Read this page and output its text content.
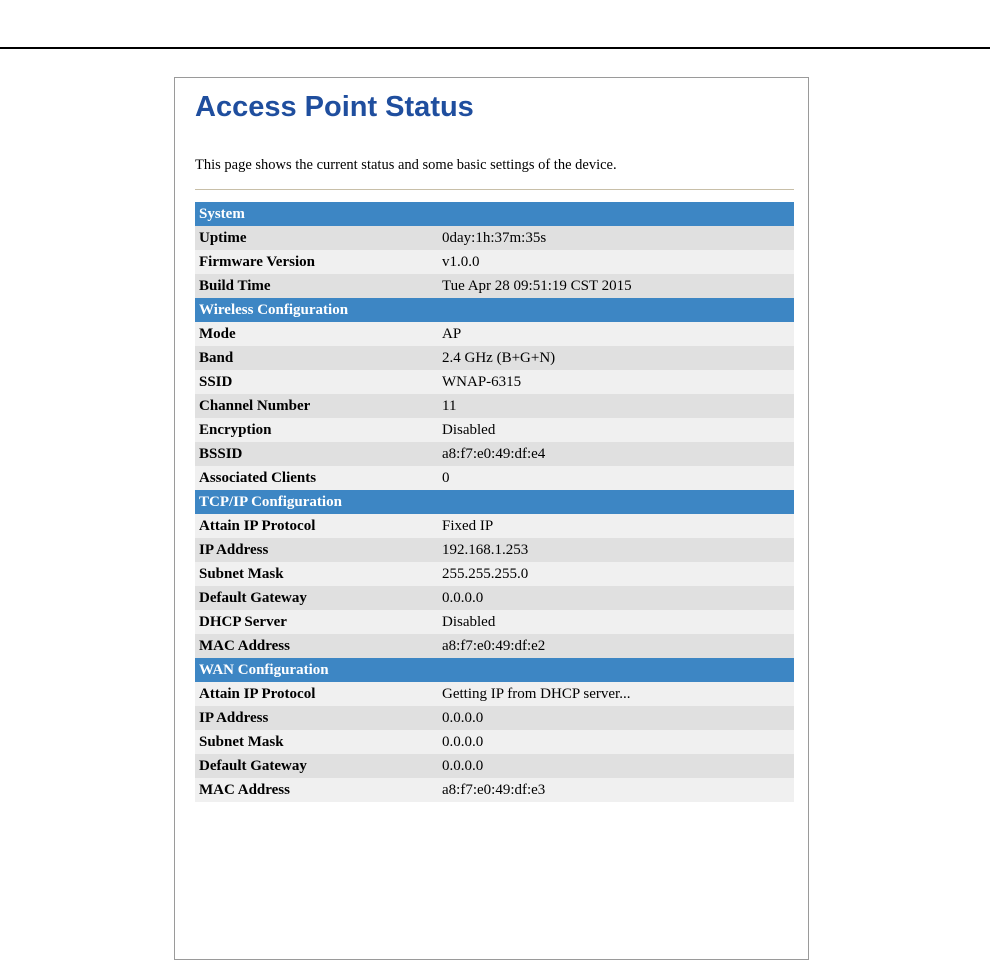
Access Point Status

This page shows the current status and some basic settings of the device.

System
Uptime	0day:1h:37m:35s
Firmware Version	v1.0.0
Build Time	Tue Apr 28 09:51:19 CST 2015
Wireless Configuration
Mode	AP
Band	2.4 GHz (B+G+N)
SSID	WNAP-6315
Channel Number	11
Encryption	Disabled
BSSID	a8:f7:e0:49:df:e4
Associated Clients	0
TCP/IP Configuration
Attain IP Protocol	Fixed IP
IP Address	192.168.1.253
Subnet Mask	255.255.255.0
Default Gateway	0.0.0.0
DHCP Server	Disabled
MAC Address	a8:f7:e0:49:df:e2
WAN Configuration
Attain IP Protocol	Getting IP from DHCP server...
IP Address	0.0.0.0
Subnet Mask	0.0.0.0
Default Gateway	0.0.0.0
MAC Address	a8:f7:e0:49:df:e3
